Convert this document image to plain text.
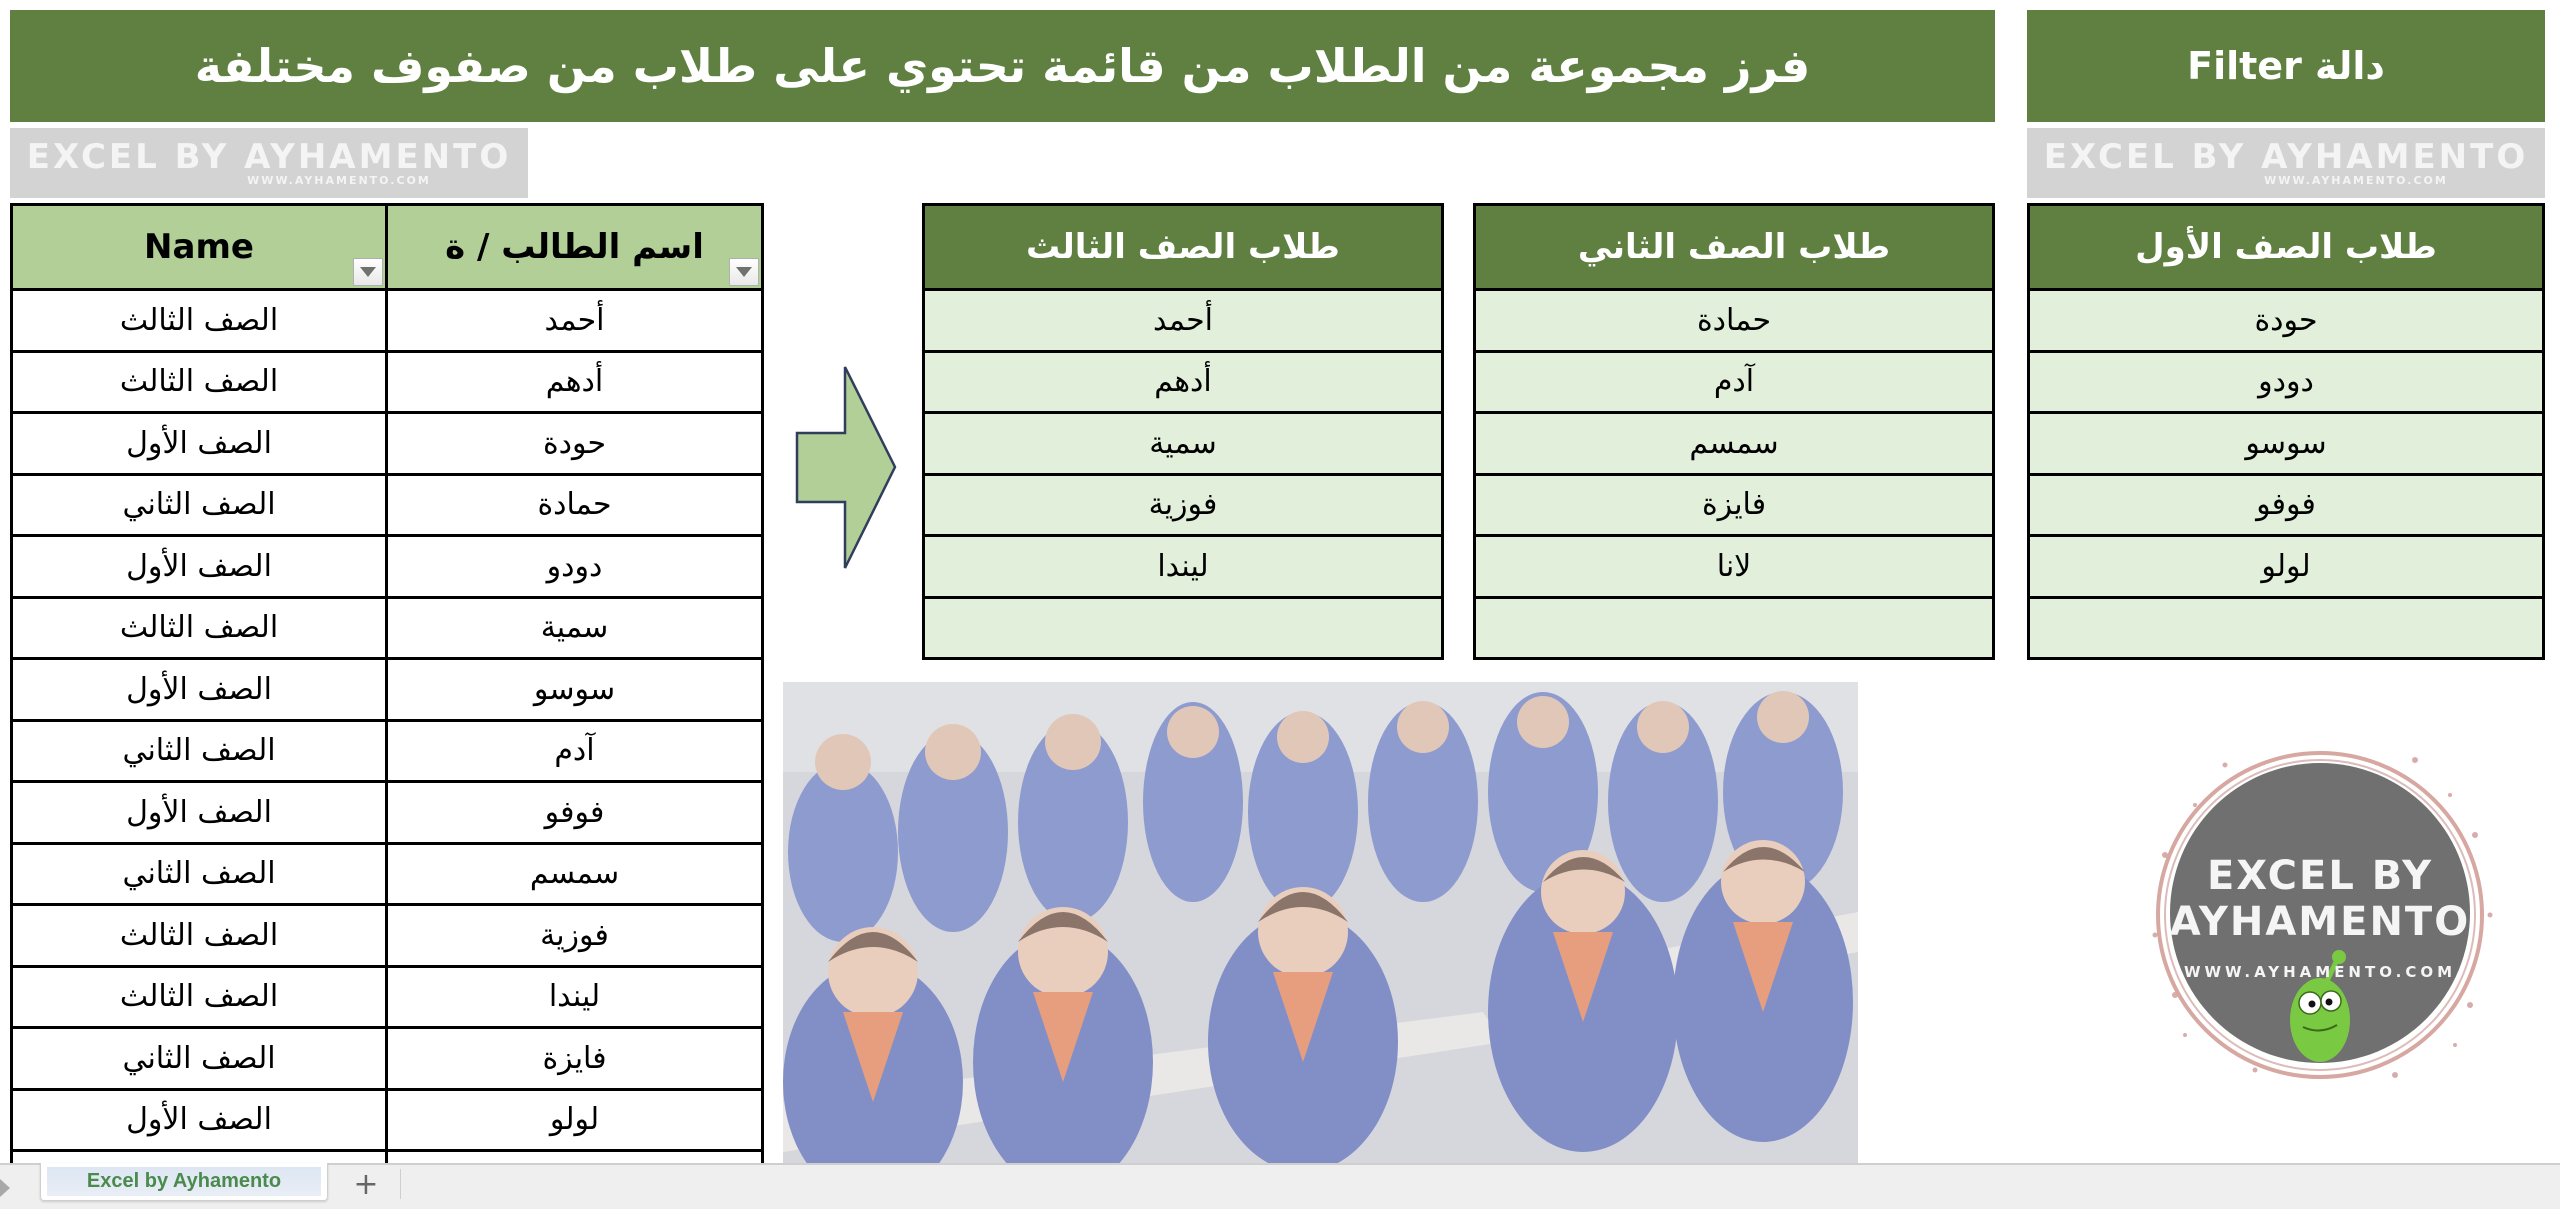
فرز مجموعة من الطلاب من قائمة تحتوي على طلاب من صفوف مختلفة	دالة Filter
EXCEL BY AYHAMENTO
WWW.AYHAMENTO.COM
EXCEL BY AYHAMENTO
WWW.AYHAMENTO.COM
Name	اسم الطالب / ة

الصف الثالث	أحمد
الصف الثالث	أدهم
الصف الأول	حودة
الصف الثاني	حمادة
الصف الأول	دودو
الصف الثالث	سمية
الصف الأول	سوسو
الصف الثاني	آدم
الصف الأول	فوفو
الصف الثاني	سمسم
الصف الثالث	فوزية
الصف الثالث	ليندا
الصف الثاني	فايزة
الصف الأول	لولو

طلاب الصف الثالث
أحمد
أدهم
سمية
فوزية
ليندا

طلاب الصف الثاني
حمادة
آدم
سمسم
فايزة
لانا

طلاب الصف الأول
حودة
دودو
سوسو
فوفو
لولو

EXCEL BY
AYHAMENTO
WWW.AYHAMENTO.COM
Excel by Ayhamento	+
